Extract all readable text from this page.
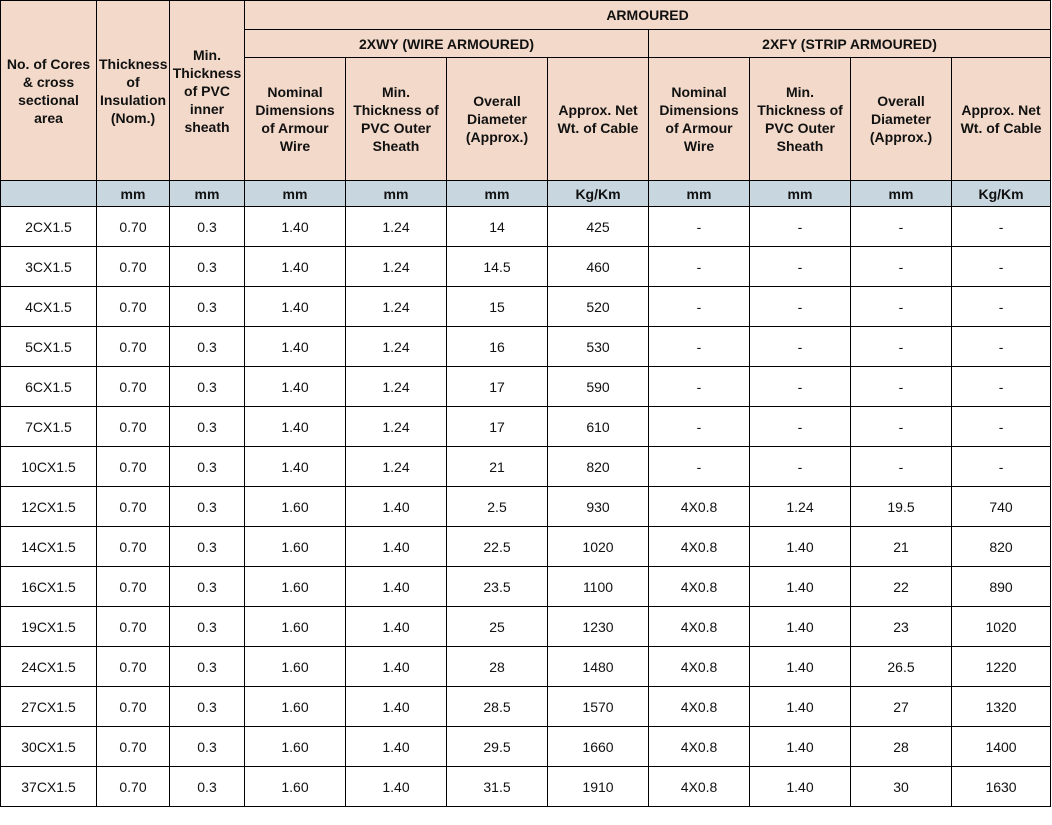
No. of Cores & cross sectional area	Thickness of Insulation (Nom.)	Min. Thickness of PVC inner sheath	ARMOURED							
			2XWY (WIRE ARMOURED)				2XFY (STRIP ARMOURED)			
			Nominal Dimensions of Armour Wire	Min. Thickness of PVC Outer Sheath	Overall Diameter (Approx.)	Approx. Net Wt. of Cable	Nominal Dimensions of Armour Wire	Min. Thickness of PVC Outer Sheath	Overall Diameter (Approx.)	Approx. Net Wt. of Cable
	mm	mm	mm	mm	mm	Kg/Km	mm	mm	mm	Kg/Km
2CX1.5	0.70	0.3	1.40	1.24	14	425	-	-	-	-
3CX1.5	0.70	0.3	1.40	1.24	14.5	460	-	-	-	-
4CX1.5	0.70	0.3	1.40	1.24	15	520	-	-	-	-
5CX1.5	0.70	0.3	1.40	1.24	16	530	-	-	-	-
6CX1.5	0.70	0.3	1.40	1.24	17	590	-	-	-	-
7CX1.5	0.70	0.3	1.40	1.24	17	610	-	-	-	-
10CX1.5	0.70	0.3	1.40	1.24	21	820	-	-	-	-
12CX1.5	0.70	0.3	1.60	1.40	2.5	930	4X0.8	1.24	19.5	740
14CX1.5	0.70	0.3	1.60	1.40	22.5	1020	4X0.8	1.40	21	820
16CX1.5	0.70	0.3	1.60	1.40	23.5	1100	4X0.8	1.40	22	890
19CX1.5	0.70	0.3	1.60	1.40	25	1230	4X0.8	1.40	23	1020
24CX1.5	0.70	0.3	1.60	1.40	28	1480	4X0.8	1.40	26.5	1220
27CX1.5	0.70	0.3	1.60	1.40	28.5	1570	4X0.8	1.40	27	1320
30CX1.5	0.70	0.3	1.60	1.40	29.5	1660	4X0.8	1.40	28	1400
37CX1.5	0.70	0.3	1.60	1.40	31.5	1910	4X0.8	1.40	30	1630
